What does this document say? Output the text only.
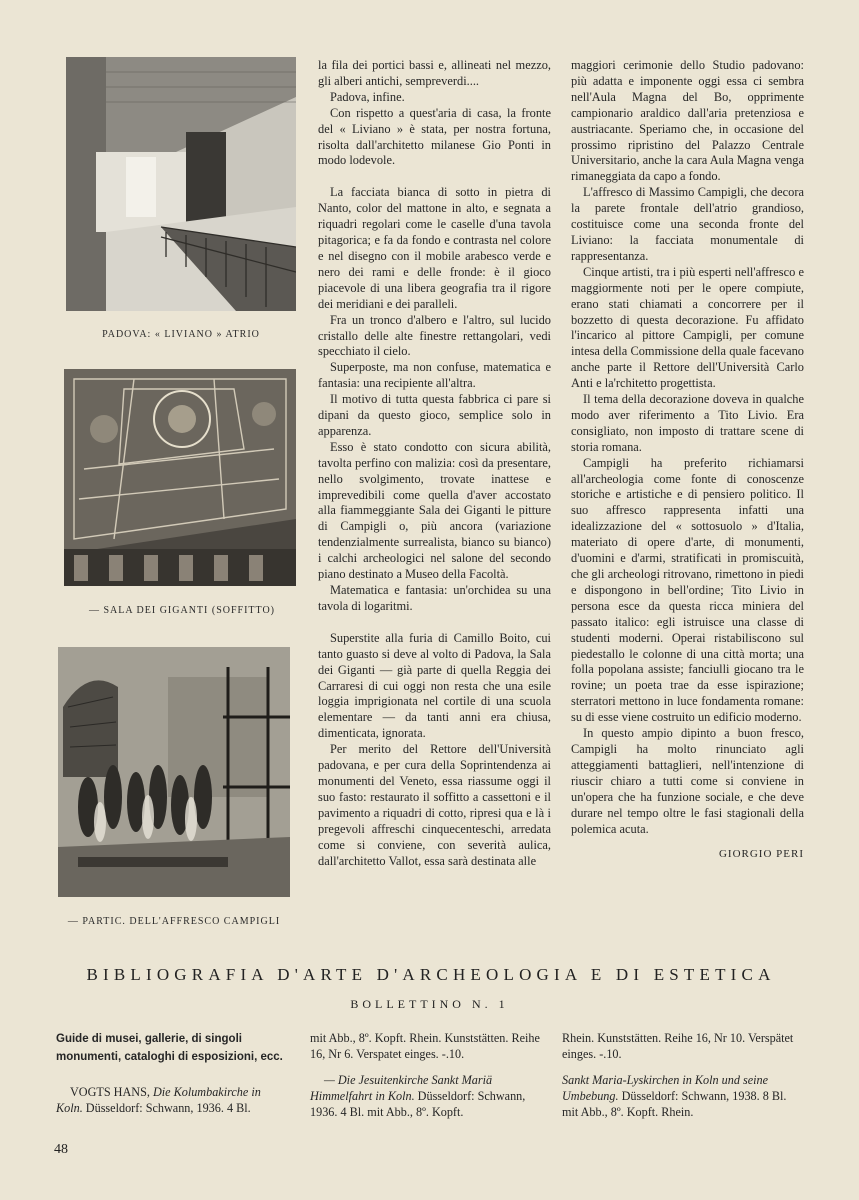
PADOVA: « LIVIANO » ATRIO
— SALA DEI GIGANTI (SOFFITTO)
— PARTIC. DELL'AFFRESCO CAMPIGLI

la fila dei portici bassi e, allineati nel mezzo, gli alberi antichi, sempreverdi....

Padova, infine.

Con rispetto a quest'aria di casa, la fronte del « Liviano » è stata, per nostra fortuna, risolta dall'architetto milanese Gio Ponti in modo lodevole.

La facciata bianca di sotto in pietra di Nanto, color del mattone in alto, e segnata a riquadri regolari come le caselle d'una tavola pitagorica; e fa da fondo e contrasta nel colore e nel disegno con il mobile arabesco verde e nero dei rami e delle fronde: è il gioco piacevole di una libera geografia tra il rigore dei meridiani e dei paralleli.

Fra un tronco d'albero e l'altro, sul lucido cristallo delle alte finestre rettangolari, vedi specchiato il cielo.

Superposte, ma non confuse, matematica e fantasia: una recipiente all'altra.

Il motivo di tutta questa fabbrica ci pare si dipani da questo gioco, semplice solo in apparenza.

Esso è stato condotto con sicura abilità, tavolta perfino con malizia: così da presentare, nello svolgimento, trovate inattese e imprevedibili come quella d'aver accostato alla fiammeggiante Sala dei Giganti le pitture di Campigli o, più ancora (variazione tendenzialmente surrealista, bianco su bianco) i calchi archeologici nel salone del secondo piano destinato a Museo della Facoltà.

Matematica e fantasia: un'orchidea su una tavola di logaritmi.

Superstite alla furia di Camillo Boito, cui tanto guasto si deve al volto di Padova, la Sala dei Giganti — già parte di quella Reggia dei Carraresi di cui oggi non resta che una esile loggia imprigionata nel cortile di una scuola elementare — da tanti anni era chiusa, dimenticata, ignorata.

Per merito del Rettore dell'Università padovana, e per cura della Soprintendenza ai monumenti del Veneto, essa riassume oggi il suo fasto: restaurato il soffitto a cassettoni e il pavimento a riquadri di cotto, ripresi qua e là i pregevoli affreschi cinquecenteschi, arredata come si conviene, con severità aulica, dall'architetto Vallot, essa sarà destinata alle

maggiori cerimonie dello Studio padovano: più adatta e imponente oggi essa ci sembra nell'Aula Magna del Bo, opprimente campionario araldico dall'aria pretenziosa e austriacante. Speriamo che, in occasione del prossimo ripristino del Palazzo Centrale Universitario, anche la cara Aula Magna venga rimaneggiata da capo a fondo.

L'affresco di Massimo Campigli, che decora la parete frontale dell'atrio grandioso, costituisce come una seconda fronte del Liviano: la facciata monumentale di rappresentanza.

Cinque artisti, tra i più esperti nell'affresco e maggiormente noti per le opere compiute, erano stati chiamati a concorrere per il bozzetto di questa decorazione. Fu affidato l'incarico al pittore Campigli, per comune intesa della Commissione della quale facevano anche parte il Rettore dell'Università Carlo Anti e la'rchitetto progettista.

Il tema della decorazione doveva in qualche modo aver riferimento a Tito Livio. Era consigliato, non imposto di trattare scene di storia romana.

Campigli ha preferito richiamarsi all'archeologia come fonte di conoscenze storiche e artistiche e di pensiero politico. Il suo affresco rappresenta infatti una idealizzazione del « sottosuolo » d'Italia, materiato di opere d'arte, di monumenti, d'uomini e d'armi, stratificati in promiscuità, che gli archeologi ritrovano, rimettono in piedi e dispongono in bell'ordine; Tito Livio in persona esce da questa ricca miniera del passato italico: egli istruisce una classe di studenti moderni. Operai ristabiliscono sul piedestallo le colonne di una città morta; una folla popolana assiste; fanciulli giocano tra le rovine; un poeta trae da esse ispirazione; sterratori mettono in luce fondamenta romane: su di esse viene costruito un edificio moderno.

In questo ampio dipinto a buon fresco, Campigli ha molto rinunciato agli atteggiamenti battaglieri, nell'intenzione di riuscir chiaro a tutti come si conviene in un'opera che ha funzione sociale, e che deve durare nel tempo oltre le fasi stagionali della polemica acuta.

GIORGIO PERI

BIBLIOGRAFIA D'ARTE D'ARCHEOLOGIA E DI ESTETICA
BOLLETTINO N. 1

Guide di musei, gallerie, di singoli monumenti, cataloghi di esposizioni, ecc.

VOGTS HANS, Die Kolumbakirche in Koln. Düsseldorf: Schwann, 1936. 4 Bl.

mit Abb., 8º. Kopft. Rhein. Kunststätten. Reihe 16, Nr 6. Verspatet einges. -.10.

— Die Jesuitenkirche Sankt Mariä Himmelfahrt in Koln. Düsseldorf: Schwann, 1936. 4 Bl. mit Abb., 8º. Kopft.

Rhein. Kunststätten. Reihe 16, Nr 10. Verspätet einges. -.10.

Sankt Maria-Lyskirchen in Koln und seine Umbebung. Düsseldorf: Schwann, 1938. 8 Bl. mit Abb., 8º. Kopft. Rhein.

48
